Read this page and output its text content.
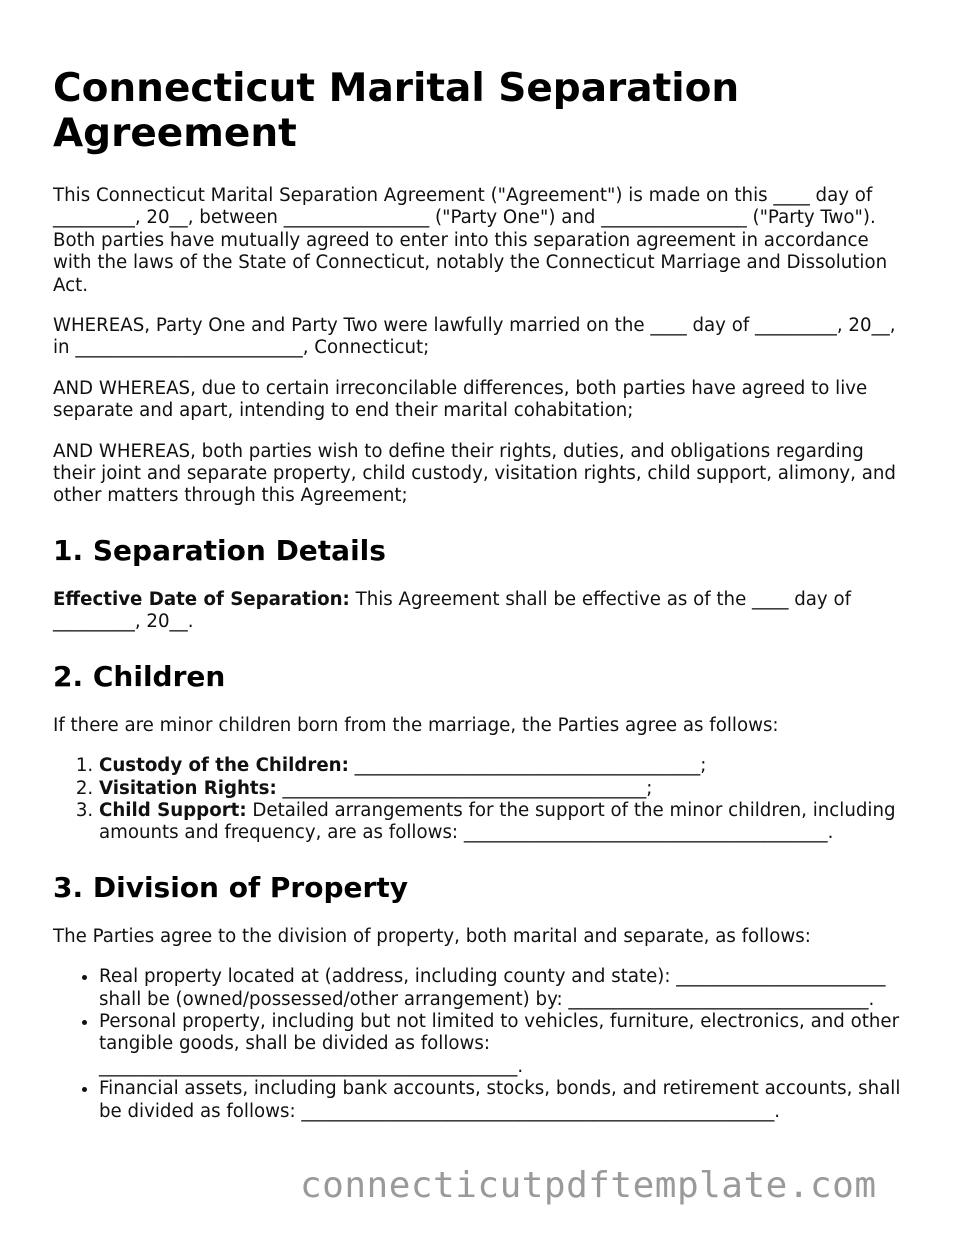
Connecticut Marital Separation Agreement

This Connecticut Marital Separation Agreement ("Agreement") is made on this ____ day of _________, 20__, between ________________ ("Party One") and ________________ ("Party Two"). Both parties have mutually agreed to enter into this separation agreement in accordance with the laws of the State of Connecticut, notably the Connecticut Marriage and Dissolution Act.

WHEREAS, Party One and Party Two were lawfully married on the ____ day of _________, 20__, in _________________________, Connecticut;

AND WHEREAS, due to certain irreconcilable differences, both parties have agreed to live separate and apart, intending to end their marital cohabitation;

AND WHEREAS, both parties wish to define their rights, duties, and obligations regarding their joint and separate property, child custody, visitation rights, child support, alimony, and other matters through this Agreement;

1. Separation Details

Effective Date of Separation: This Agreement shall be effective as of the ____ day of _________, 20__.

2. Children

If there are minor children born from the marriage, the Parties agree as follows:

1. Custody of the Children: ______________________________________;
2. Visitation Rights: ________________________________________;
3. Child Support: Detailed arrangements for the support of the minor children, including amounts and frequency, are as follows: ________________________________________.
3. Division of Property

The Parties agree to the division of property, both marital and separate, as follows:

• Real property located at (address, including county and state): _______________________ shall be (owned/possessed/other arrangement) by: _________________________________.
• Personal property, including but not limited to vehicles, furniture, electronics, and other tangible goods, shall be divided as follows: ______________________________________________.
• Financial assets, including bank accounts, stocks, bonds, and retirement accounts, shall be divided as follows: ____________________________________________________.
connecticutpdftemplate.com
